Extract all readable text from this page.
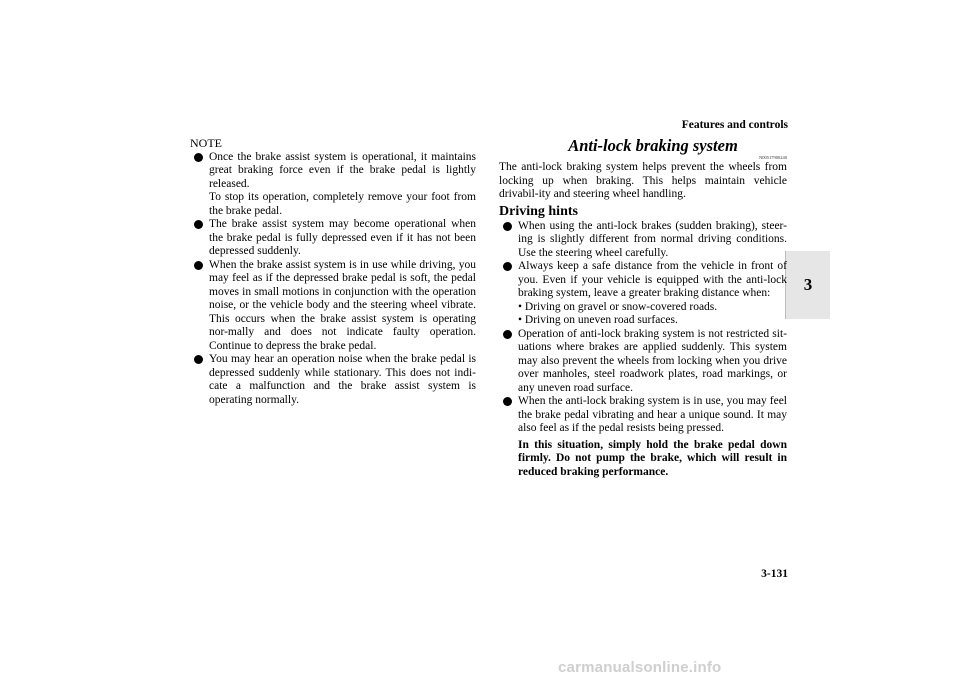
Features and controls
3
NOTE
Once the brake assist system is operational, it maintains great braking force even if the brake pedal is lightly released.
To stop its operation, completely remove your foot from the brake pedal.
The brake assist system may become operational when the brake pedal is fully depressed even if it has not been depressed suddenly.
When the brake assist system is in use while driving, you may feel as if the depressed brake pedal is soft, the pedal moves in small motions in conjunction with the operation noise, or the vehicle body and the steering wheel vibrate. This occurs when the brake assist system is operating nor-mally and does not indicate faulty operation. Continue to depress the brake pedal.
You may hear an operation noise when the brake pedal is depressed suddenly while stationary. This does not indi-cate a malfunction and the brake assist system is operating normally.
Anti-lock braking system
N00517900240
The anti-lock braking system helps prevent the wheels from locking up when braking. This helps maintain vehicle drivabil-ity and steering wheel handling.
Driving hints
When using the anti-lock brakes (sudden braking), steer-ing is slightly different from normal driving conditions. Use the steering wheel carefully.
Always keep a safe distance from the vehicle in front of you. Even if your vehicle is equipped with the anti-lock braking system, leave a greater braking distance when:
• Driving on gravel or snow-covered roads.
• Driving on uneven road surfaces.
Operation of anti-lock braking system is not restricted sit-uations where brakes are applied suddenly. This system may also prevent the wheels from locking when you drive over manholes, steel roadwork plates, road markings, or any uneven road surface.
When the anti-lock braking system is in use, you may feel the brake pedal vibrating and hear a unique sound. It may also feel as if the pedal resists being pressed.
In this situation, simply hold the brake pedal down firmly. Do not pump the brake, which will result in reduced braking performance.
3-131
carmanualsonline.info
